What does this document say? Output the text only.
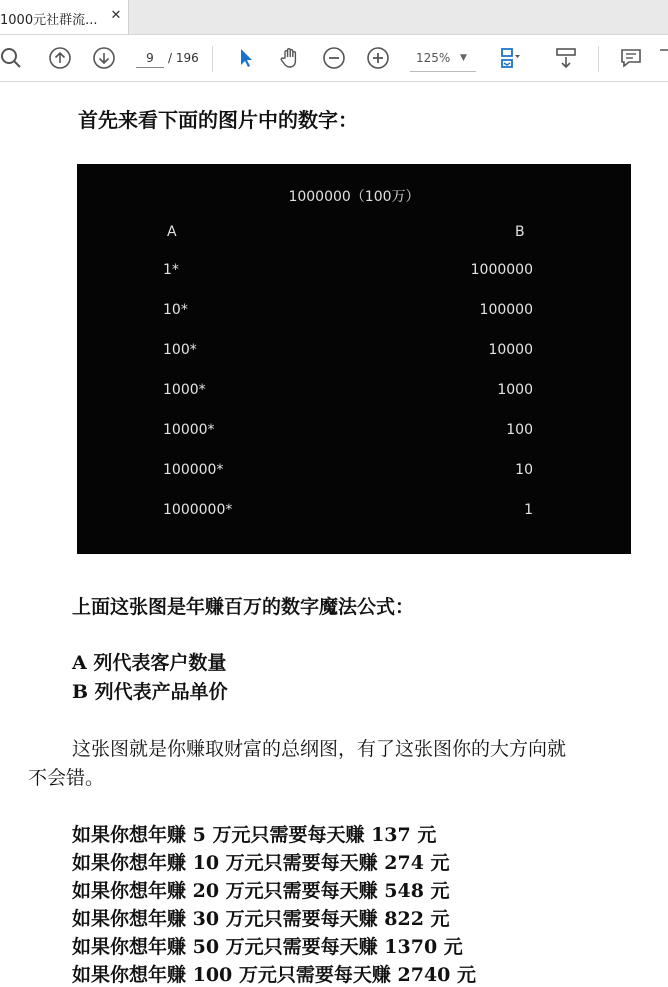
1000元社群流... ✕
9
/ 196	125% ▼
首先来看下面的图片中的数字：
1000000（100万）
A	B
1*	1000000
10*	100000
100*	10000
1000*	1000
10000*	100
100000*	10
1000000*	1
上面这张图是年赚百万的数字魔法公式：
A 列代表客户数量
B 列代表产品单价
这张图就是你赚取财富的总纲图，有了这张图你的大方向就
不会错。
如果你想年赚 5 万元只需要每天赚 137 元
如果你想年赚 10 万元只需要每天赚 274 元
如果你想年赚 20 万元只需要每天赚 548 元
如果你想年赚 30 万元只需要每天赚 822 元
如果你想年赚 50 万元只需要每天赚 1370 元
如果你想年赚 100 万元只需要每天赚 2740 元
